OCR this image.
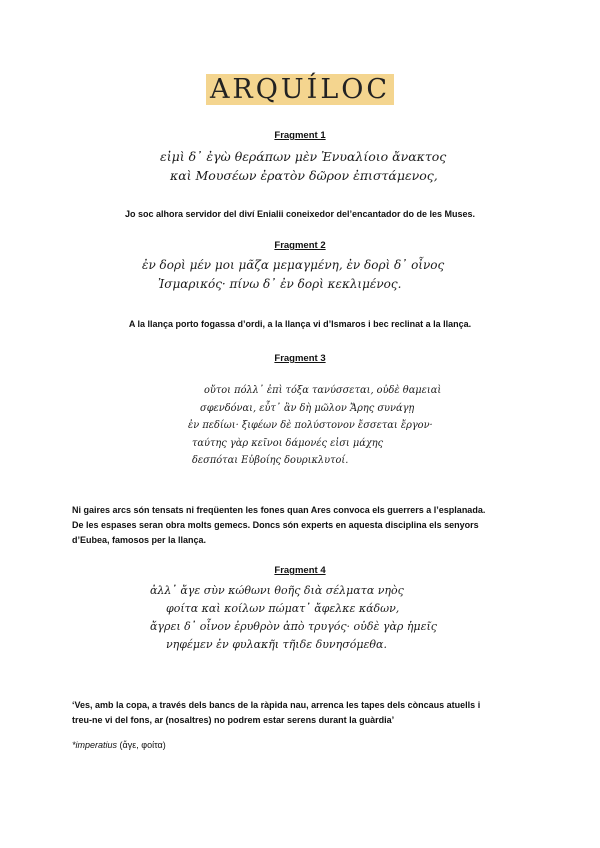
ARQUÍLOC
Fragment 1
εἰμὶ δ᾽ ἐγὼ θεράπων μὲν Ἐνυαλίοιο ἄνακτος
καὶ Μουσέων ἐρατὸν δῶρον ἐπιστάμενος,
Jo soc alhora servidor del diví Enialii coneixedor del’encantador do de les Muses.
Fragment 2
ἐν δορὶ μέν μοι μᾶζα μεμαγμένη, ἐν δορὶ δ᾽ οἶνος
Ἰσμαρικός· πίνω δ᾽ ἐν δορὶ κεκλιμένος.
A la llança porto fogassa d’ordi, a la llança vi d’Ismaros i bec reclinat a la llança.
Fragment 3
οὔτοι πόλλ᾽ ἐπὶ τόξα τανύσσεται, οὐδὲ θαμειαὶ
σφενδόναι, εὖτ᾽ ἂν δὴ μῶλον Ἄρης συνάγῃ
ἐν πεδίωι· ξιφέων δὲ πολύστονον ἔσσεται ἔργον·
ταύτης γὰρ κεῖνοι δάμονές εἰσι μάχης
δεσπόται Εὐβοίης δουρικλυτοί.
Ni gaires arcs són tensats ni freqüenten les fones quan Ares convoca els guerrers a l’esplanada.
De les espases seran obra molts gemecs. Doncs són experts en aquesta disciplina els senyors
d’Eubea, famosos per la llança.
Fragment 4
ἀλλ᾽ ἄγε σὺν κώθωνι θοῆς διὰ σέλματα νηὸς
φοίτα καὶ κοίλων πώματ᾽ ἄφελκε κάδων,
ἄγρει δ᾽ οἶνον ἐρυθρὸν ἀπὸ τρυγός· οὐδὲ γὰρ ἡμεῖς
νηφέμεν ἐν φυλακῆι τῆιδε δυνησόμεθα.
‘Ves, amb la copa, a través dels bancs de la ràpida nau, arrenca les tapes dels còncaus atuells i
treu-ne vi del fons, ar (nosaltres) no podrem estar serens durant la guàrdia’
*imperatius (ἄγε, φοίτα)
